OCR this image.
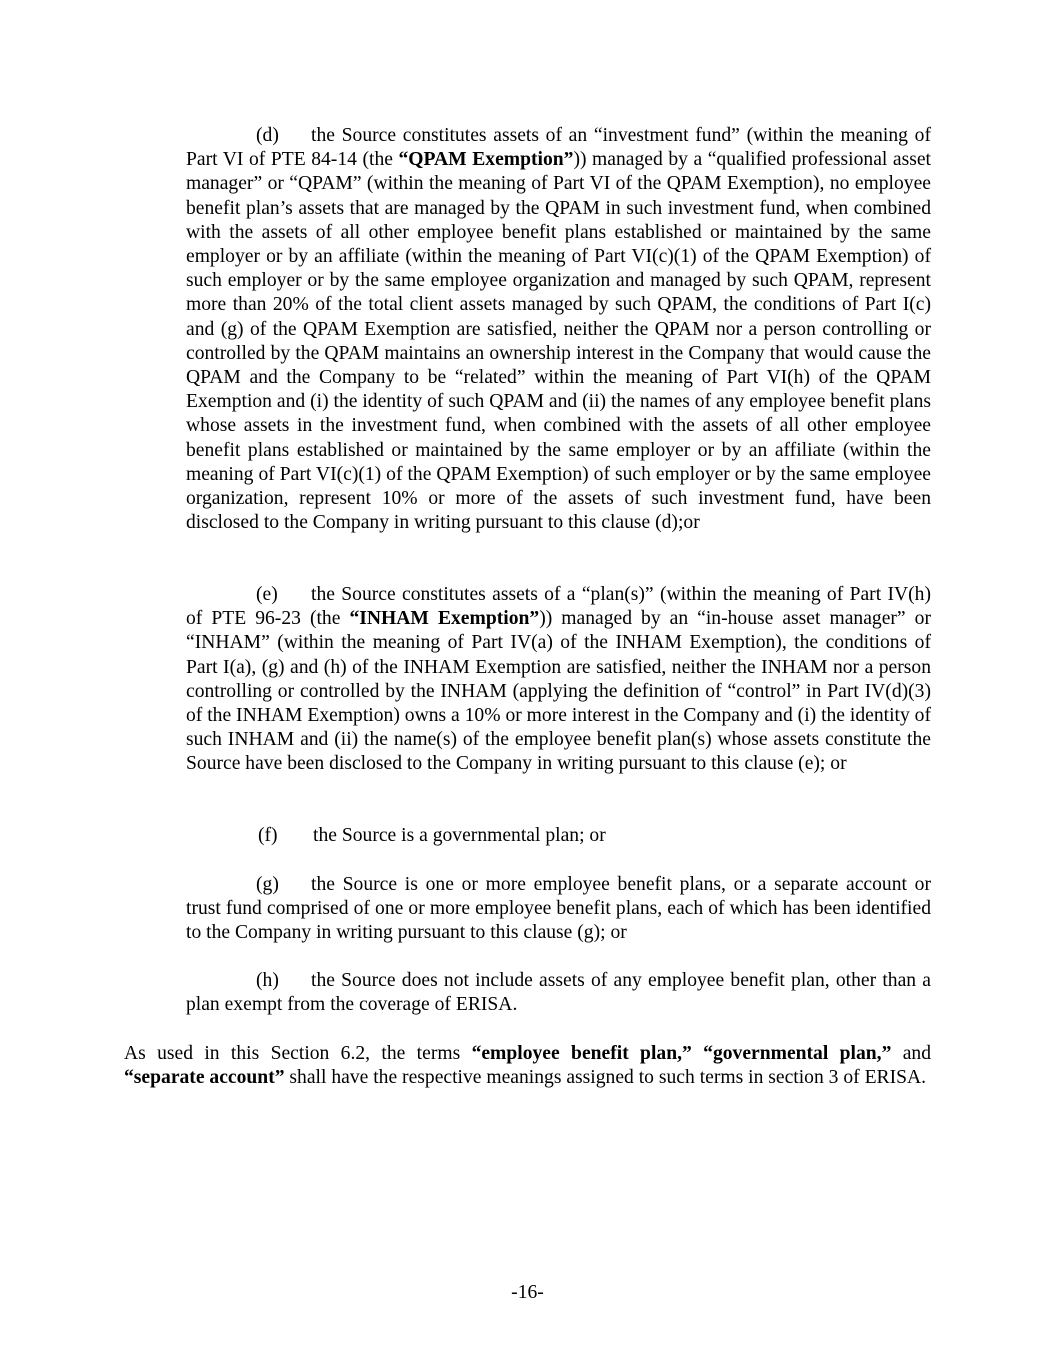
(d) the Source constitutes assets of an “investment fund” (within the meaning of Part VI of PTE 84-14 (the “QPAM Exemption”)) managed by a “qualified professional asset manager” or “QPAM” (within the meaning of Part VI of the QPAM Exemption), no employee benefit plan’s assets that are managed by the QPAM in such investment fund, when combined with the assets of all other employee benefit plans established or maintained by the same employer or by an affiliate (within the meaning of Part VI(c)(1) of the QPAM Exemption) of such employer or by the same employee organization and managed by such QPAM, represent more than 20% of the total client assets managed by such QPAM, the conditions of Part I(c) and (g) of the QPAM Exemption are satisfied, neither the QPAM nor a person controlling or controlled by the QPAM maintains an ownership interest in the Company that would cause the QPAM and the Company to be “related” within the meaning of Part VI(h) of the QPAM Exemption and (i) the identity of such QPAM and (ii) the names of any employee benefit plans whose assets in the investment fund, when combined with the assets of all other employee benefit plans established or maintained by the same employer or by an affiliate (within the meaning of Part VI(c)(1) of the QPAM Exemption) of such employer or by the same employee organization, represent 10% or more of the assets of such investment fund, have been disclosed to the Company in writing pursuant to this clause (d);or

(e) the Source constitutes assets of a “plan(s)” (within the meaning of Part IV(h) of PTE 96-23 (the “INHAM Exemption”)) managed by an “in-house asset manager” or “INHAM” (within the meaning of Part IV(a) of the INHAM Exemption), the conditions of Part I(a), (g) and (h) of the INHAM Exemption are satisfied, neither the INHAM nor a person controlling or controlled by the INHAM (applying the definition of “control” in Part IV(d)(3) of the INHAM Exemption) owns a 10% or more interest in the Company and (i) the identity of such INHAM and (ii) the name(s) of the employee benefit plan(s) whose assets constitute the Source have been disclosed to the Company in writing pursuant to this clause (e); or

(f) the Source is a governmental plan; or

(g) the Source is one or more employee benefit plans, or a separate account or trust fund comprised of one or more employee benefit plans, each of which has been identified to the Company in writing pursuant to this clause (g); or

(h) the Source does not include assets of any employee benefit plan, other than a plan exempt from the coverage of ERISA.

As used in this Section 6.2, the terms “employee benefit plan,” “governmental plan,” and “separate account” shall have the respective meanings assigned to such terms in section 3 of ERISA.

-16-
